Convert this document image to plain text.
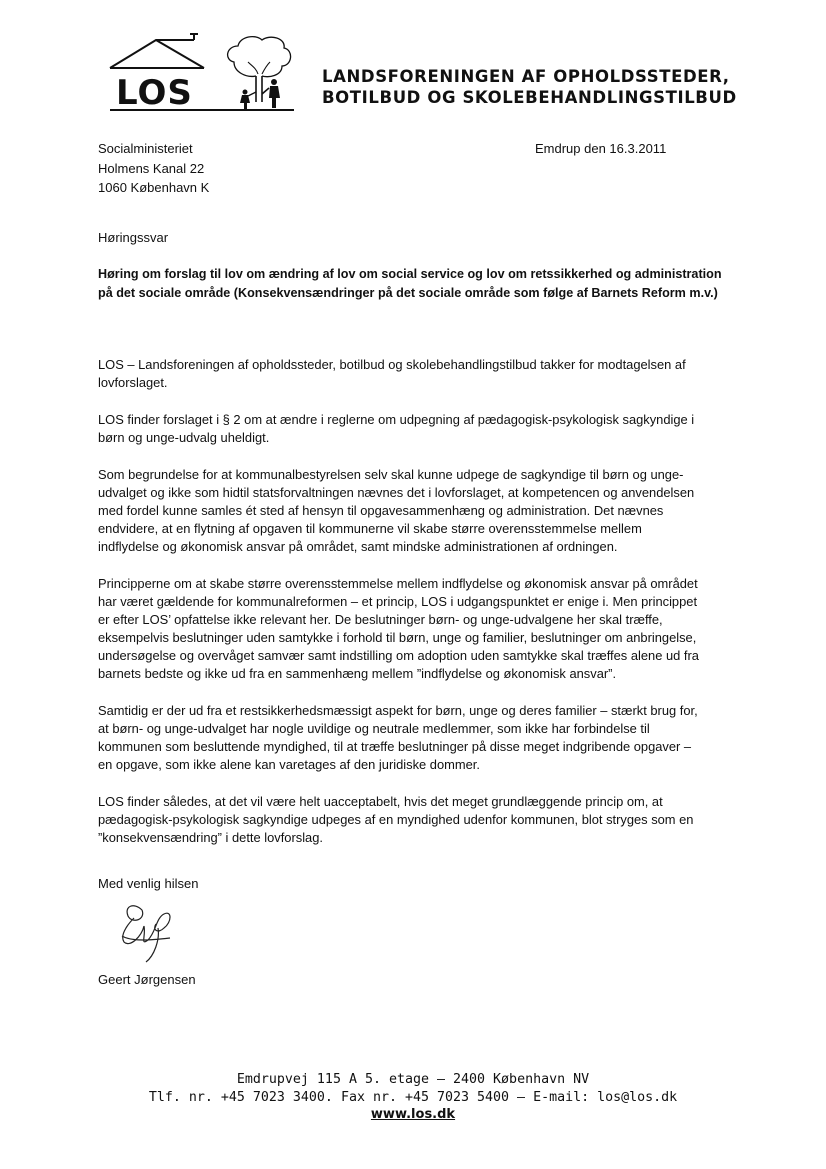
LOS	LANDSFORENINGEN AF OPHOLDSSTEDER,
BOTILBUD OG SKOLEBEHANDLINGSTILBUD
Socialministeriet
Holmens Kanal 22
1060 København K
Emdrup den 16.3.2011
Høringssvar
Høring om forslag til lov om ændring af lov om social service og lov om retssikkerhed og administration
på det sociale område (Konsekvensændringer på det sociale område som følge af Barnets Reform m.v.)
LOS – Landsforeningen af opholdssteder, botilbud og skolebehandlingstilbud takker for modtagelsen af
lovforslaget.
LOS finder forslaget i § 2 om at ændre i reglerne om udpegning af pædagogisk-psykologisk sagkyndige i
børn og unge-udvalg uheldigt.
Som begrundelse for at kommunalbestyrelsen selv skal kunne udpege de sagkyndige til børn og unge-
udvalget og ikke som hidtil statsforvaltningen nævnes det i lovforslaget, at kompetencen og anvendelsen
med fordel kunne samles ét sted af hensyn til opgavesammenhæng og administration. Det nævnes
endvidere, at en flytning af opgaven til kommunerne vil skabe større overensstemmelse mellem
indflydelse og økonomisk ansvar på området, samt mindske administrationen af ordningen.
Principperne om at skabe større overensstemmelse mellem indflydelse og økonomisk ansvar på området
har været gældende for kommunalreformen – et princip, LOS i udgangspunktet er enige i. Men princippet
er efter LOS’ opfattelse ikke relevant her. De beslutninger børn- og unge-udvalgene her skal træffe,
eksempelvis beslutninger uden samtykke i forhold til børn, unge og familier, beslutninger om anbringelse,
undersøgelse og overvåget samvær samt indstilling om adoption uden samtykke skal træffes alene ud fra
barnets bedste og ikke ud fra en sammenhæng mellem ”indflydelse og økonomisk ansvar”.
Samtidig er der ud fra et restsikkerhedsmæssigt aspekt for børn, unge og deres familier – stærkt brug for,
at børn- og unge-udvalget har nogle uvildige og neutrale medlemmer, som ikke har forbindelse til
kommunen som besluttende myndighed, til at træffe beslutninger på disse meget indgribende opgaver –
en opgave, som ikke alene kan varetages af den juridiske dommer.
LOS finder således, at det vil være helt uacceptabelt, hvis det meget grundlæggende princip om, at
pædagogisk-psykologisk sagkyndige udpeges af en myndighed udenfor kommunen, blot stryges som en
”konsekvensændring” i dette lovforslag.
Med venlig hilsen
Geert Jørgensen
Emdrupvej 115 A 5. etage – 2400 København NV
Tlf. nr. +45 7023 3400. Fax nr. +45 7023 5400 – E-mail: los@los.dk
www.los.dk
